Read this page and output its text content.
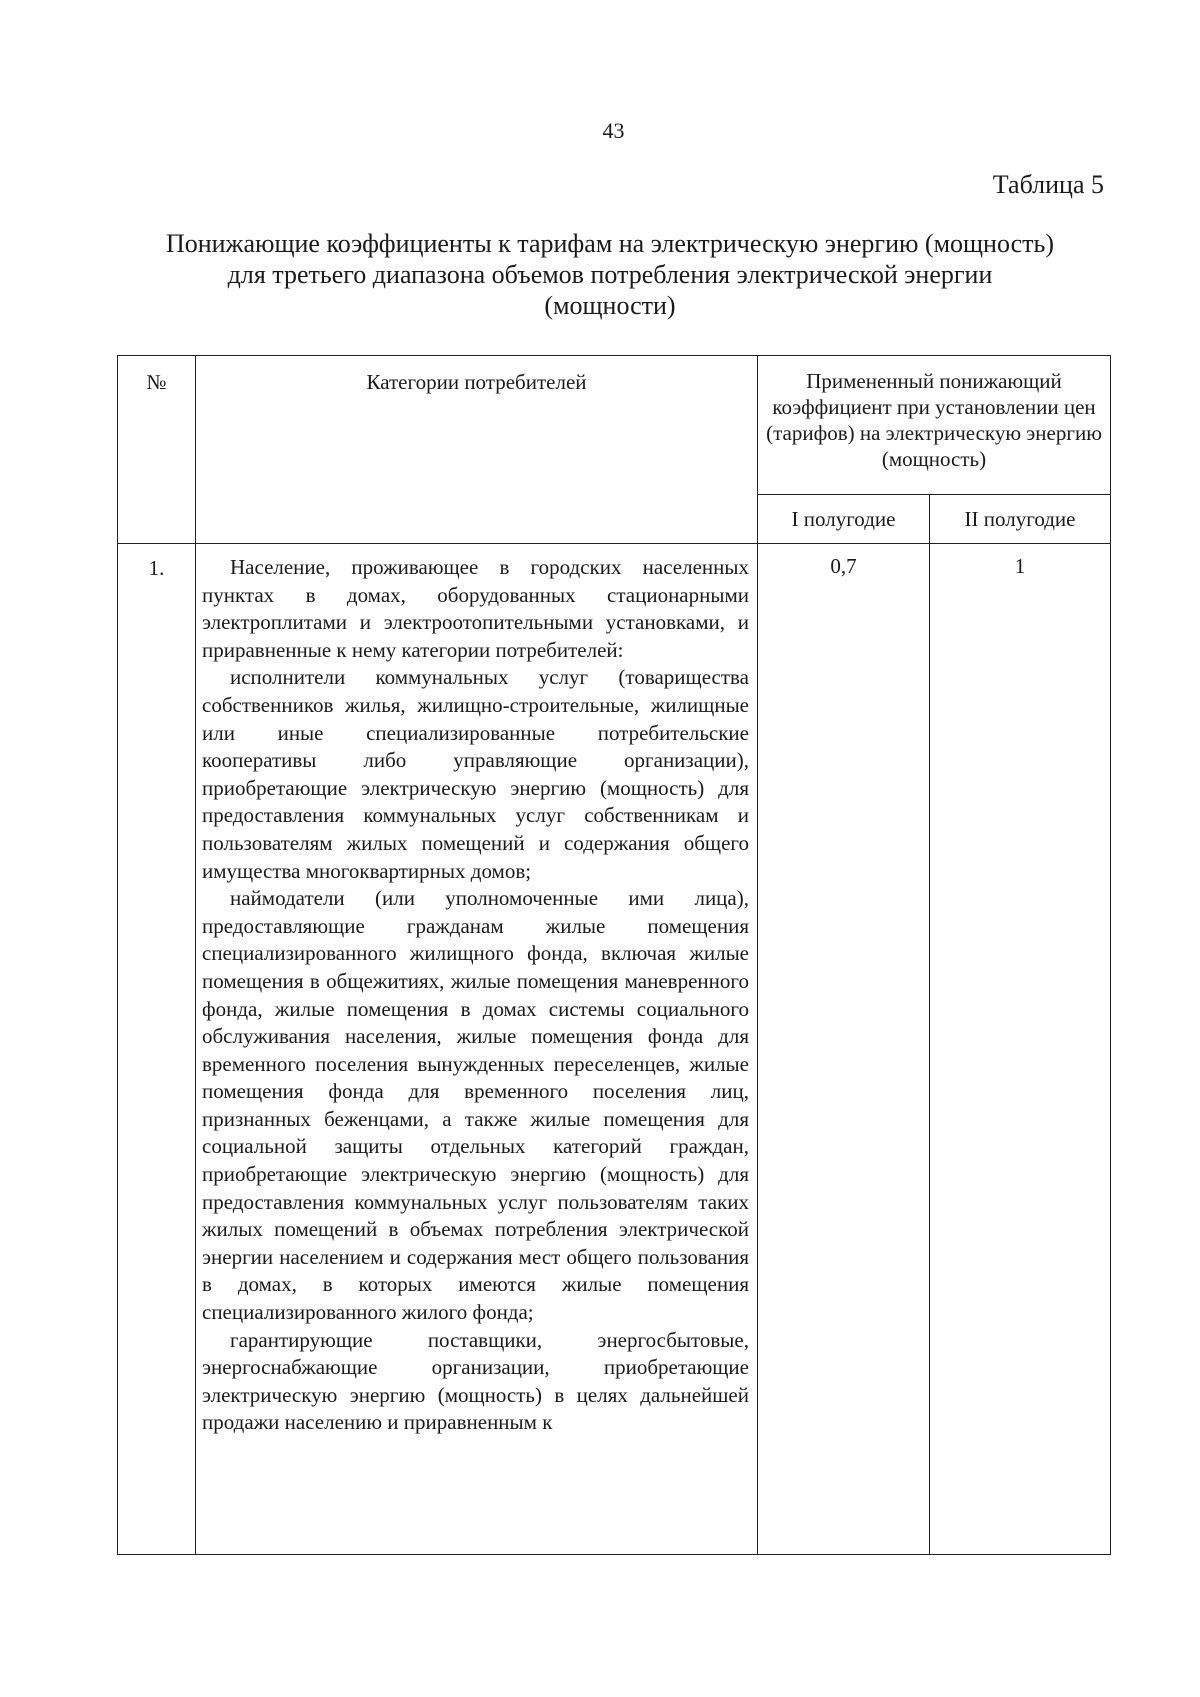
43
Таблица 5
Понижающие коэффициенты к тарифам на электрическую энергию (мощность) для третьего диапазона объемов потребления электрической энергии (мощности)
№	Категории потребителей	Примененный понижающий коэффициент при установлении цен (тарифов) на электрическую энергию (мощность)	
		I полугодие	II полугодие
1.	Население, проживающее в городских населенных пунктах в домах, оборудованных стационарными электроплитами и электроотопительными установками, и приравненные к нему категории потребителей:

исполнители коммунальных услуг (товарищества собственников жилья, жилищно-строительные, жилищные или иные специализированные потребительские кооперативы либо управляющие организации), приобретающие электрическую энергию (мощность) для предоставления коммунальных услуг собственникам и пользователям жилых помещений и содержания общего имущества многоквартирных домов;

наймодатели (или уполномоченные ими лица), предоставляющие гражданам жилые помещения специализированного жилищного фонда, включая жилые помещения в общежитиях, жилые помещения маневренного фонда, жилые помещения в домах системы социального обслуживания населения, жилые помещения фонда для временного поселения вынужденных переселенцев, жилые помещения фонда для временного поселения лиц, признанных беженцами, а также жилые помещения для социальной защиты отдельных категорий граждан, приобретающие электрическую энергию (мощность) для предоставления коммунальных услуг пользователям таких жилых помещений в объемах потребления электрической энергии населением и содержания мест общего пользования в домах, в которых имеются жилые помещения специализированного жилого фонда;

гарантирующие поставщики, энергосбытовые, энергоснабжающие организации, приобретающие электрическую энергию (мощность) в целях дальнейшей продажи населению и приравненным к	0,7	1
